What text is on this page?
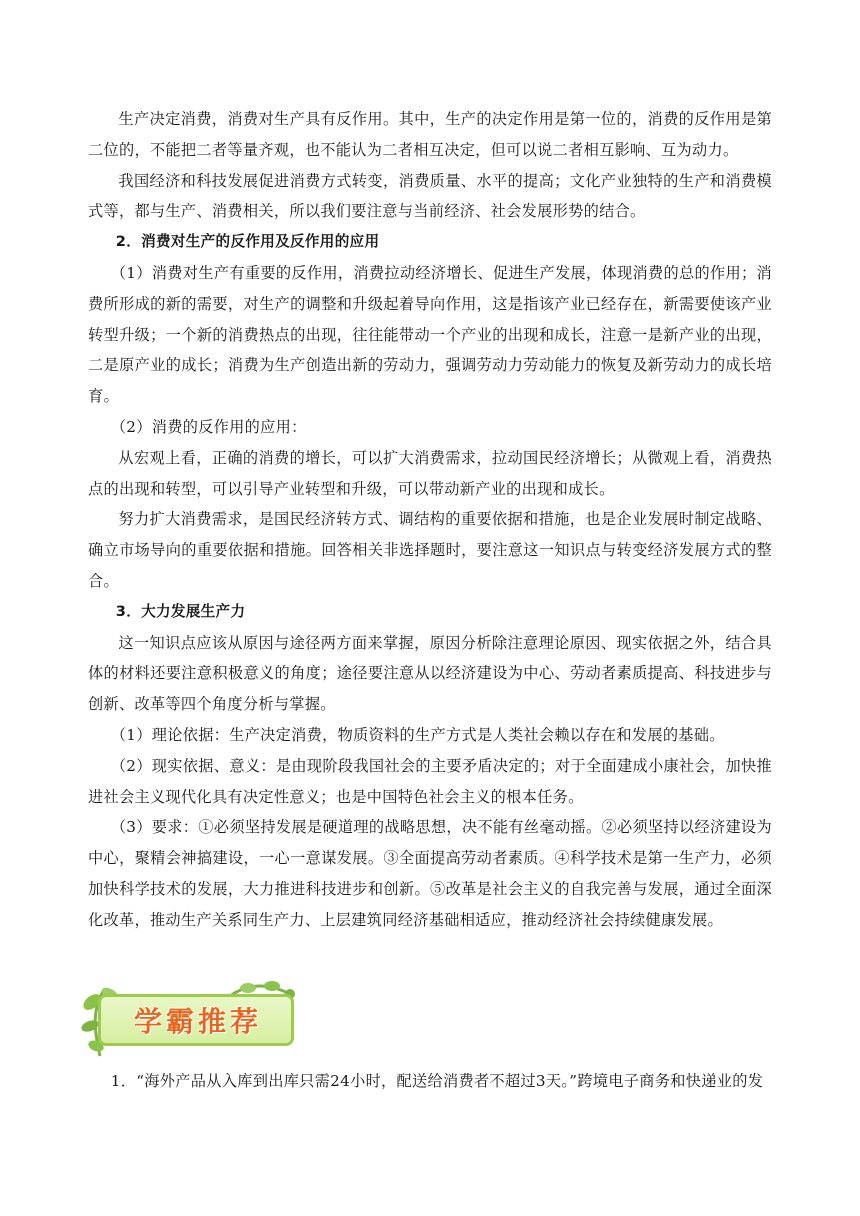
生产决定消费，消费对生产具有反作用。其中，生产的决定作用是第一位的，消费的反作用是第二位的，不能把二者等量齐观，也不能认为二者相互决定，但可以说二者相互影响、互为动力。

我国经济和科技发展促进消费方式转变，消费质量、水平的提高；文化产业独特的生产和消费模式等，都与生产、消费相关，所以我们要注意与当前经济、社会发展形势的结合。

2．消费对生产的反作用及反作用的应用

（1）消费对生产有重要的反作用，消费拉动经济增长、促进生产发展，体现消费的总的作用；消费所形成的新的需要，对生产的调整和升级起着导向作用，这是指该产业已经存在，新需要使该产业转型升级；一个新的消费热点的出现，往往能带动一个产业的出现和成长，注意一是新产业的出现，二是原产业的成长；消费为生产创造出新的劳动力，强调劳动力劳动能力的恢复及新劳动力的成长培育。

（2）消费的反作用的应用：

从宏观上看，正确的消费的增长，可以扩大消费需求，拉动国民经济增长；从微观上看，消费热点的出现和转型，可以引导产业转型和升级，可以带动新产业的出现和成长。

努力扩大消费需求，是国民经济转方式、调结构的重要依据和措施，也是企业发展时制定战略、确立市场导向的重要依据和措施。回答相关非选择题时，要注意这一知识点与转变经济发展方式的整合。

3．大力发展生产力

这一知识点应该从原因与途径两方面来掌握，原因分析除注意理论原因、现实依据之外，结合具体的材料还要注意积极意义的角度；途径要注意从以经济建设为中心、劳动者素质提高、科技进步与创新、改革等四个角度分析与掌握。

（1）理论依据：生产决定消费，物质资料的生产方式是人类社会赖以存在和发展的基础。

（2）现实依据、意义：是由现阶段我国社会的主要矛盾决定的；对于全面建成小康社会，加快推进社会主义现代化具有决定性意义；也是中国特色社会主义的根本任务。

（3）要求：①必须坚持发展是硬道理的战略思想，决不能有丝毫动摇。②必须坚持以经济建设为中心，聚精会神搞建设，一心一意谋发展。③全面提高劳动者素质。④科学技术是第一生产力，必须加快科学技术的发展，大力推进科技进步和创新。⑤改革是社会主义的自我完善与发展，通过全面深化改革，推动生产关系同生产力、上层建筑同经济基础相适应，推动经济社会持续健康发展。

学霸推荐

1．“海外产品从入库到出库只需24小时，配送给消费者不超过3天。”跨境电子商务和快递业的发
